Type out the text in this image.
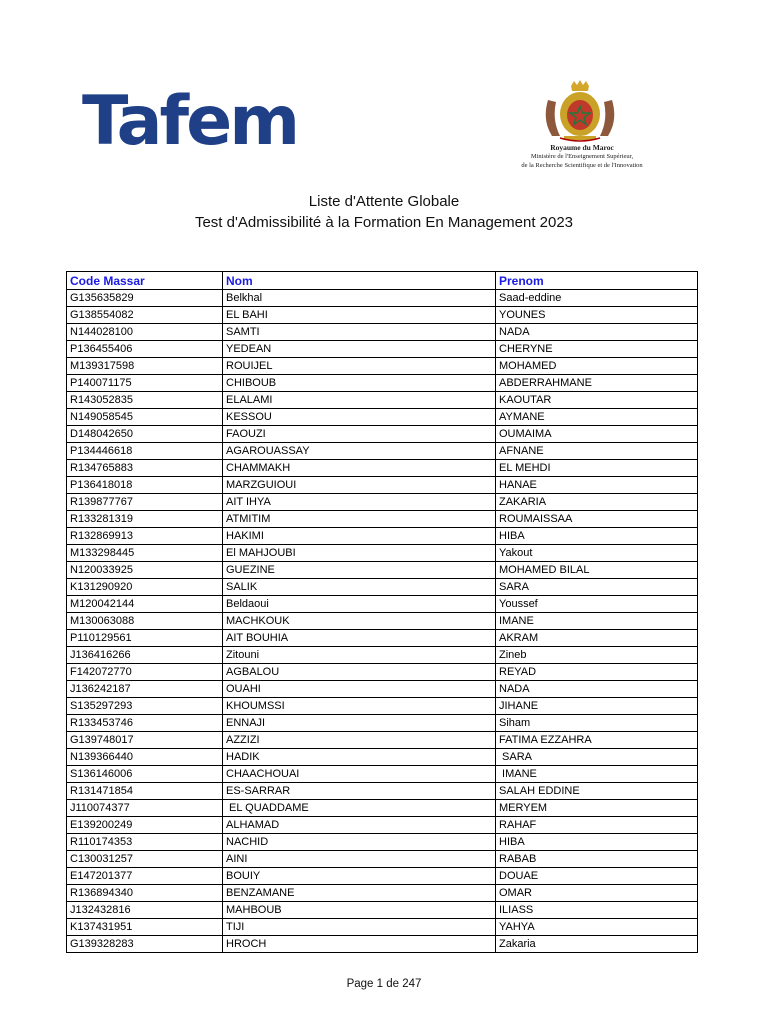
Tafem	Royaume du Maroc
Ministère de l'Enseignement Supérieur,
de la Recherche Scientifique et de l'Innovation
Liste d'Attente Globale
Test d'Admissibilité à la Formation En Management 2023
Code Massar	Nom	Prenom
G135635829	Belkhal	Saad-eddine
G138554082	EL BAHI	YOUNES
N144028100	SAMTI	NADA
P136455406	YEDEAN	CHERYNE
M139317598	ROUIJEL	MOHAMED
P140071175	CHIBOUB	ABDERRAHMANE
R143052835	ELALAMI	KAOUTAR
N149058545	KESSOU	AYMANE
D148042650	FAOUZI	OUMAIMA
P134446618	AGAROUASSAY	AFNANE
R134765883	CHAMMAKH	EL MEHDI
P136418018	MARZGUIOUI	HANAE
R139877767	AIT IHYA	ZAKARIA
R133281319	ATMITIM	ROUMAISSAA
R132869913	HAKIMI	HIBA
M133298445	El MAHJOUBI	Yakout
N120033925	GUEZINE	MOHAMED BILAL
K131290920	SALIK	SARA
M120042144	Beldaoui	Youssef
M130063088	MACHKOUK	IMANE
P110129561	AIT BOUHIA	AKRAM
J136416266	Zitouni	Zineb
F142072770	AGBALOU	REYAD
J136242187	OUAHI	NADA
S135297293	KHOUMSSI	JIHANE
R133453746	ENNAJI	Siham
G139748017	AZZIZI	FATIMA EZZAHRA
N139366440	HADIK	SARA
S136146006	CHAACHOUAI	IMANE
R131471854	ES-SARRAR	SALAH EDDINE
J110074377	EL QUADDAME	MERYEM
E139200249	ALHAMAD	RAHAF
R110174353	NACHID	HIBA
C130031257	AINI	RABAB
E147201377	BOUIY	DOUAE
R136894340	BENZAMANE	OMAR
J132432816	MAHBOUB	ILIASS
K137431951	TIJI	YAHYA
G139328283	HROCH	Zakaria
Page 1 de 247
